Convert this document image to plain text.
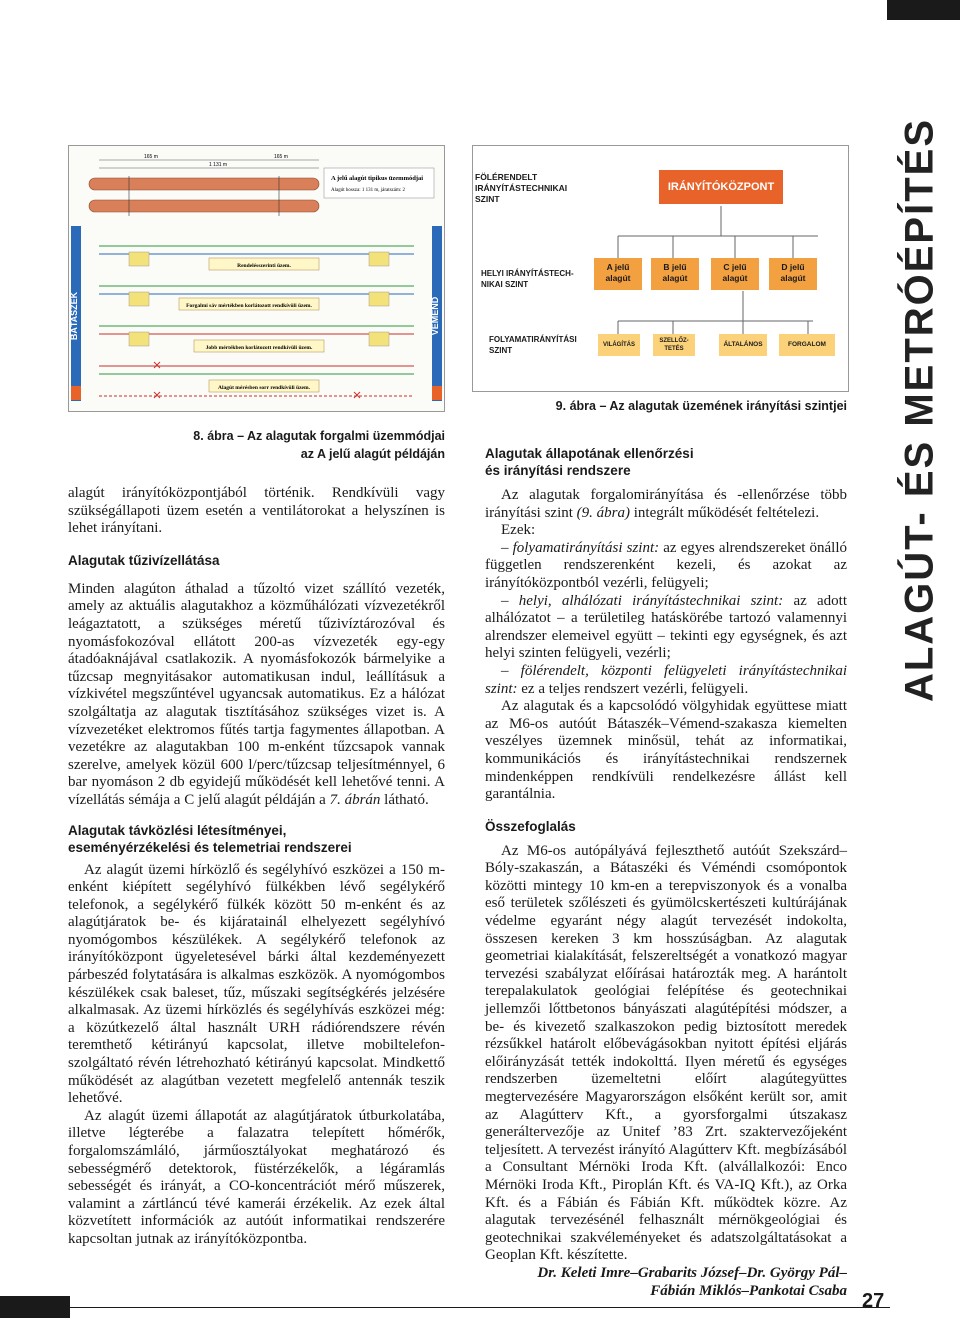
ALAGÚT- ÉS METRÓÉPÍTÉS
BÁTASZÉK	VÉMÉND
165 m
1 131 m
165 m
A jelű alagút tipikus üzemmódjai
Alagút hossza: 1 131 m, járatszám: 2
Rendelésszerinti üzem.
Forgalmi sáv mértékben korlátozott rendkívüli üzem.
Jobb mértékben korlátozott rendkívüli üzem.
Alagút mérésben sorr rendkívüli üzem.
8. ábra – Az alagutak forgalmi üzemmódjai
az A jelű alagút példáján
FÖLÉRENDELT IRÁNYÍTÁSTECHNIKAI SZINT
HELYI IRÁNYÍTÁSTECH-NIKAI SZINT
FOLYAMATIRÁNYÍTÁSI SZINT
IRÁNYÍTÓKÖZPONT
A jelű alagút
B jelű alagút
C jelű alagút
D jelű alagút
VILÁGÍTÁS
SZELLŐZ-TETÉS
ÁLTALÁNOS	FORGALOM
9. ábra – Az alagutak üzemének irányítási szintjei

alagút irányítóközpontjából történik. Rendkívüli vagy szükségállapoti üzem esetén a ventilátorokat a helyszínen is lehet irányítani.

Alagutak tűzivízellátása

Minden alagúton áthalad a tűzoltó vizet szállító vezeték, amely az aktuális alagutakhoz a közműhálózati vízvezetékről leágaztatott, a szükséges méretű tűzivíztározóval és nyomásfokozóval ellátott 200-as vízvezeték egy-egy átadóaknájával csatlakozik. A nyomásfokozók bármelyike a tűzcsap megnyitásakor automatikusan indul, leállításuk a vízkivétel megszűntével ugyancsak automatikus. Ez a hálózat szolgáltatja az alagutak tisztításához szükséges vizet is. A vízvezetéket elektromos fűtés tartja fagymentes állapotban. A vezetékre az alagutakban 100 m-enként tűzcsapok vannak szerelve, amelyek közül 600 l/perc/tűzcsap teljesítménnyel, 6 bar nyomáson 2 db egyidejű működését kell lehetővé tenni. A vízellátás sémája a C jelű alagút példáján a 7. ábrán látható.

Alagutak távközlési létesítményei,
eseményérzékelési és telemetriai rendszerei

Az alagút üzemi hírközlő és segélyhívó eszközei a 150 m-enként kiépített segélyhívó fülkékben lévő segélykérő telefonok, a segélykérő fülkék között 50 m-enként és az alagútjáratok be- és kijáratainál elhelyezett segélyhívó nyomógombos készülékek. A segélykérő telefonok az irányítóközpont ügyeletesével bárki által kezdeményezett párbeszéd folytatására is alkalmas eszközök. A nyomógombos készülékek csak baleset, tűz, műszaki segítségkérés jelzésére alkalmasak. Az üzemi hírközlés és segélyhívás eszközei még: a közútkezelő által használt URH rádiórendszere révén teremthető kétirányú kapcsolat, illetve mobiltelefon-szolgáltató révén létrehozható kétirányú kapcsolat. Mindkettő működését az alagútban vezetett megfelelő antennák teszik lehetővé.

Az alagút üzemi állapotát az alagútjáratok útburkolatába, illetve légterébe a falazatra telepített hőmérők, forgalomszámláló, járműosztályokat meghatározó és sebességmérő detektorok, füstérzékelők, a légáramlás sebességét és irányát, a CO-koncentrációt mérő műszerek, valamint a zártláncú tévé kamerái érzékelik. Az ezek által közvetített információk az autóút informatikai rendszerére kapcsoltan jutnak az irányítóközpontba.

Alagutak állapotának ellenőrzési
és irányítási rendszere

Az alagutak forgalomirányítása és -ellenőrzése több irányítási szint (9. ábra) integrált működését feltételezi.

Ezek:

– folyamatirányítási szint: az egyes alrendszereket önálló független rendszerenként kezeli, és azokat az irányítóközpontból vezérli, felügyeli;

– helyi, alhálózati irányítástechnikai szint: az adott alhálózatot – a területileg hatáskörébe tartozó valamennyi alrendszer elemeivel együtt – tekinti egy egységnek, és azt helyi szinten felügyeli, vezérli;

– fölérendelt, központi felügyeleti irányítástechnikai szint: ez a teljes rendszert vezérli, felügyeli.

Az alagutak és a kapcsolódó völgyhidak együttese miatt az M6-os autóút Bátaszék–Vémend-szakasza kiemelten veszélyes üzemnek minősül, tehát az informatikai, kommunikációs és irányítástechnikai rendszernek mindenképpen rendkívüli rendelkezésre állást kell garantálnia.

Összefoglalás

Az M6-os autópályává fejleszthető autóút Szekszárd–Bóly-szakaszán, a Bátaszéki és Véméndi csomópontok közötti mintegy 10 km-en a terepviszonyok és a vonalba eső területek szőlészeti és gyümölcskertészeti kultúrájának védelme egyaránt négy alagút tervezését indokolta, összesen kereken 3 km hosszúságban. Az alagutak geometriai kialakítását, felszereltségét a vonatkozó magyar tervezési szabályzat előírásai határozták meg. A harántolt terepalakulatok geológiai felépítése és geotechnikai jellemzői lőttbetonos bányászati alagútépítési módszer, a be- és kivezető szalkaszokon pedig biztosított meredek rézsűkkel határolt előbevágásokban nyitott építési eljárás előirányzását tették indokolttá. Ilyen méretű és egységes rendszerben üzemeltetni előírt alagútegyüttes megtervezésére Magyarországon elsőként került sor, amit az Alagútterv Kft., a gyorsforgalmi útszakasz generáltervezője az Unitef ’83 Zrt. szaktervezőjeként teljesített. A tervezést irányító Alagútterv Kft. megbízásából a Consultant Mérnöki Iroda Kft. (alvállalkozói: Enco Mérnöki Iroda Kft., Piroplán Kft. és VA-IQ Kft.), az Orka Kft. és a Fábián és Fábián Kft. működtek közre. Az alagutak tervezésénél felhasznált mérnökgeológiai és geotechnikai szakvéleményeket és adatszolgáltatásokat a Geoplan Kft. készítette.

Dr. Keleti Imre–Grabarits József–Dr. György Pál–

Fábián Miklós–Pankotai Csaba 27
